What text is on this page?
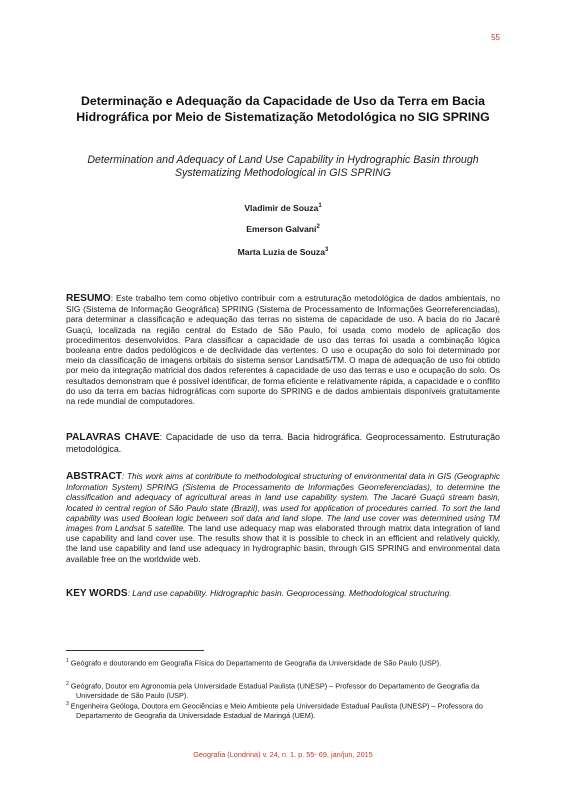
55
Determinação e Adequação da Capacidade de Uso da Terra em Bacia Hidrográfica por Meio de Sistematização Metodológica no SIG SPRING
Determination and Adequacy of Land Use Capability in Hydrographic Basin through Systematizing Methodological in GIS SPRING
Vladimir de Souza$^1$
Emerson Galvani$^2$
Marta Luzia de Souza$^3$
RESUMO: Este trabalho tem como objetivo contribuir com a estruturação metodológica de dados ambientais, no SIG (Sistema de Informação Geográfica) SPRING (Sistema de Processamento de Informações Georreferenciadas), para determinar a classificação e adequação das terras no sistema de capacidade de uso. A bacia do rio Jacaré Guaçú, localizada na região central do Estado de São Paulo, foi usada como modelo de aplicação dos procedimentos desenvolvidos. Para classificar a capacidade de uso das terras foi usada a combinação lógica booleana entre dados pedológicos e de declividade das vertentes. O uso e ocupação do solo foi determinado por meio da classificação de imagens orbitais do sistema sensor Landsat5/TM. O mapa de adequação de uso foi obtido por meio da integração matricial dos dados referentes à capacidade de uso das terras e uso e ocupação do solo. Os resultados demonstram que é possível identificar, de forma eficiente e relativamente rápida, a capacidade e o conflito do uso da terra em bacias hidrográficas com suporte do SPRING e de dados ambientais disponíveis gratuitamente na rede mundial de computadores.
PALAVRAS CHAVE: Capacidade de uso da terra. Bacia hidrográfica. Geoprocessamento. Estruturação metodológica.
ABSTRACT: This work aims at contribute to methodological structuring of environmental data in GIS (Geographic Information System) SPRING (Sistema de Processamento de Informações Georreferenciadas), to determine the classification and adequacy of agricultural areas in land use capability system. The Jacaré Guaçú stream basin, located in central region of São Paulo state (Brazil), was used for application of procedures carried. To sort the land capability was used Boolean logic between soil data and land slope. The land use cover was determined using TM images from Landsat 5 satellite. The land use adequacy map was elaborated through matrix data integration of land use capability and land cover use. The results show that it is possible to check in an efficient and relatively quickly, the land use capability and land use adequacy in hydrographic basin, through GIS SPRING and environmental data available free on the worldwide web.
KEY WORDS: Land use capability. Hidrographic basin. Geoprocessing. Methodological structuring.
$^1$ Geógrafo e doutorando em Geografia Física do Departamento de Geografia da Universidade de São Paulo (USP).
$^2$ Geógrafo, Doutor em Agronomia pela Universidade Estadual Paulista (UNESP) – Professor do Departamento de Geografia da Universidade de São Paulo (USP).
$^3$ Engenheira Geóloga, Doutora em Geociências e Meio Ambiente pela Universidade Estadual Paulista (UNESP) – Professora do Departamento de Geografia da Universidade Estadual de Maringá (UEM).
Geografia (Londrina) v. 24, n. 1. p. 55- 69, jan/jun, 2015
